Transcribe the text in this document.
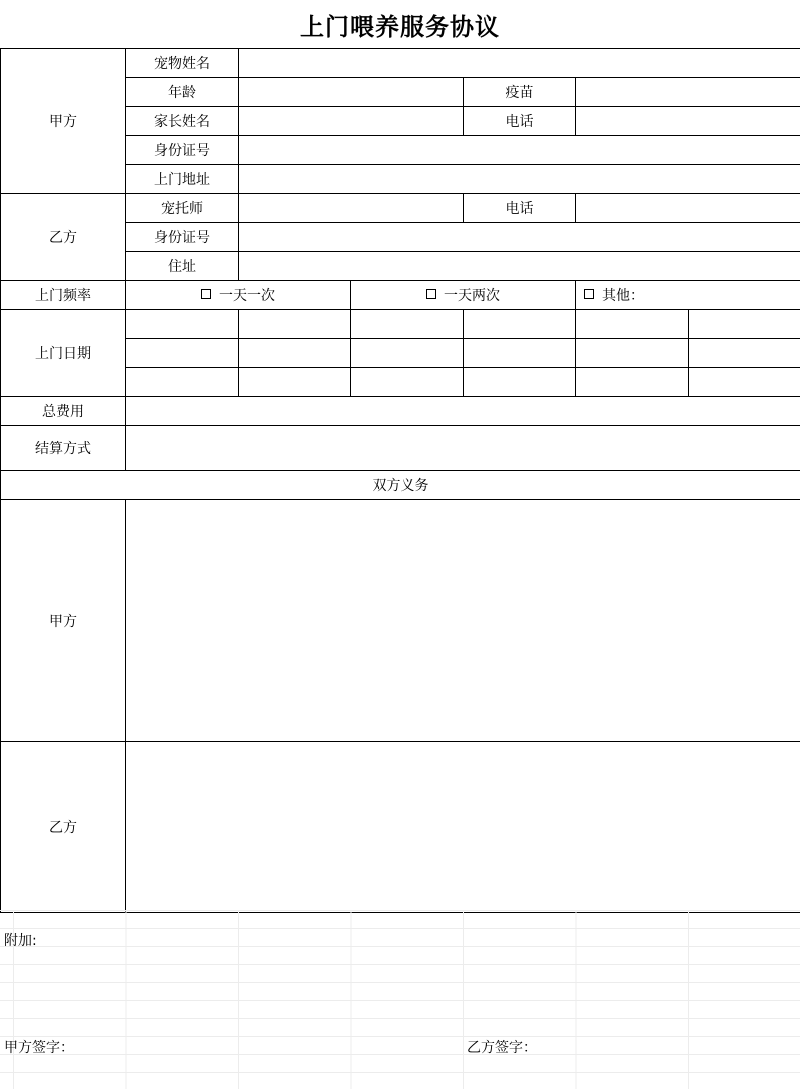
上门喂养服务协议
甲方	宠物姓名					
	年龄			疫苗		
	家长姓名			电话		
	身份证号					
	上门地址					
乙方	宠托师			电话		
	身份证号					
	住址					
上门频率	一天一次		一天两次		其他：	

上门日期						

总费用						
结算方式						
双方义务						
甲方						
乙方						
附加:
甲方签字：	乙方签字：
